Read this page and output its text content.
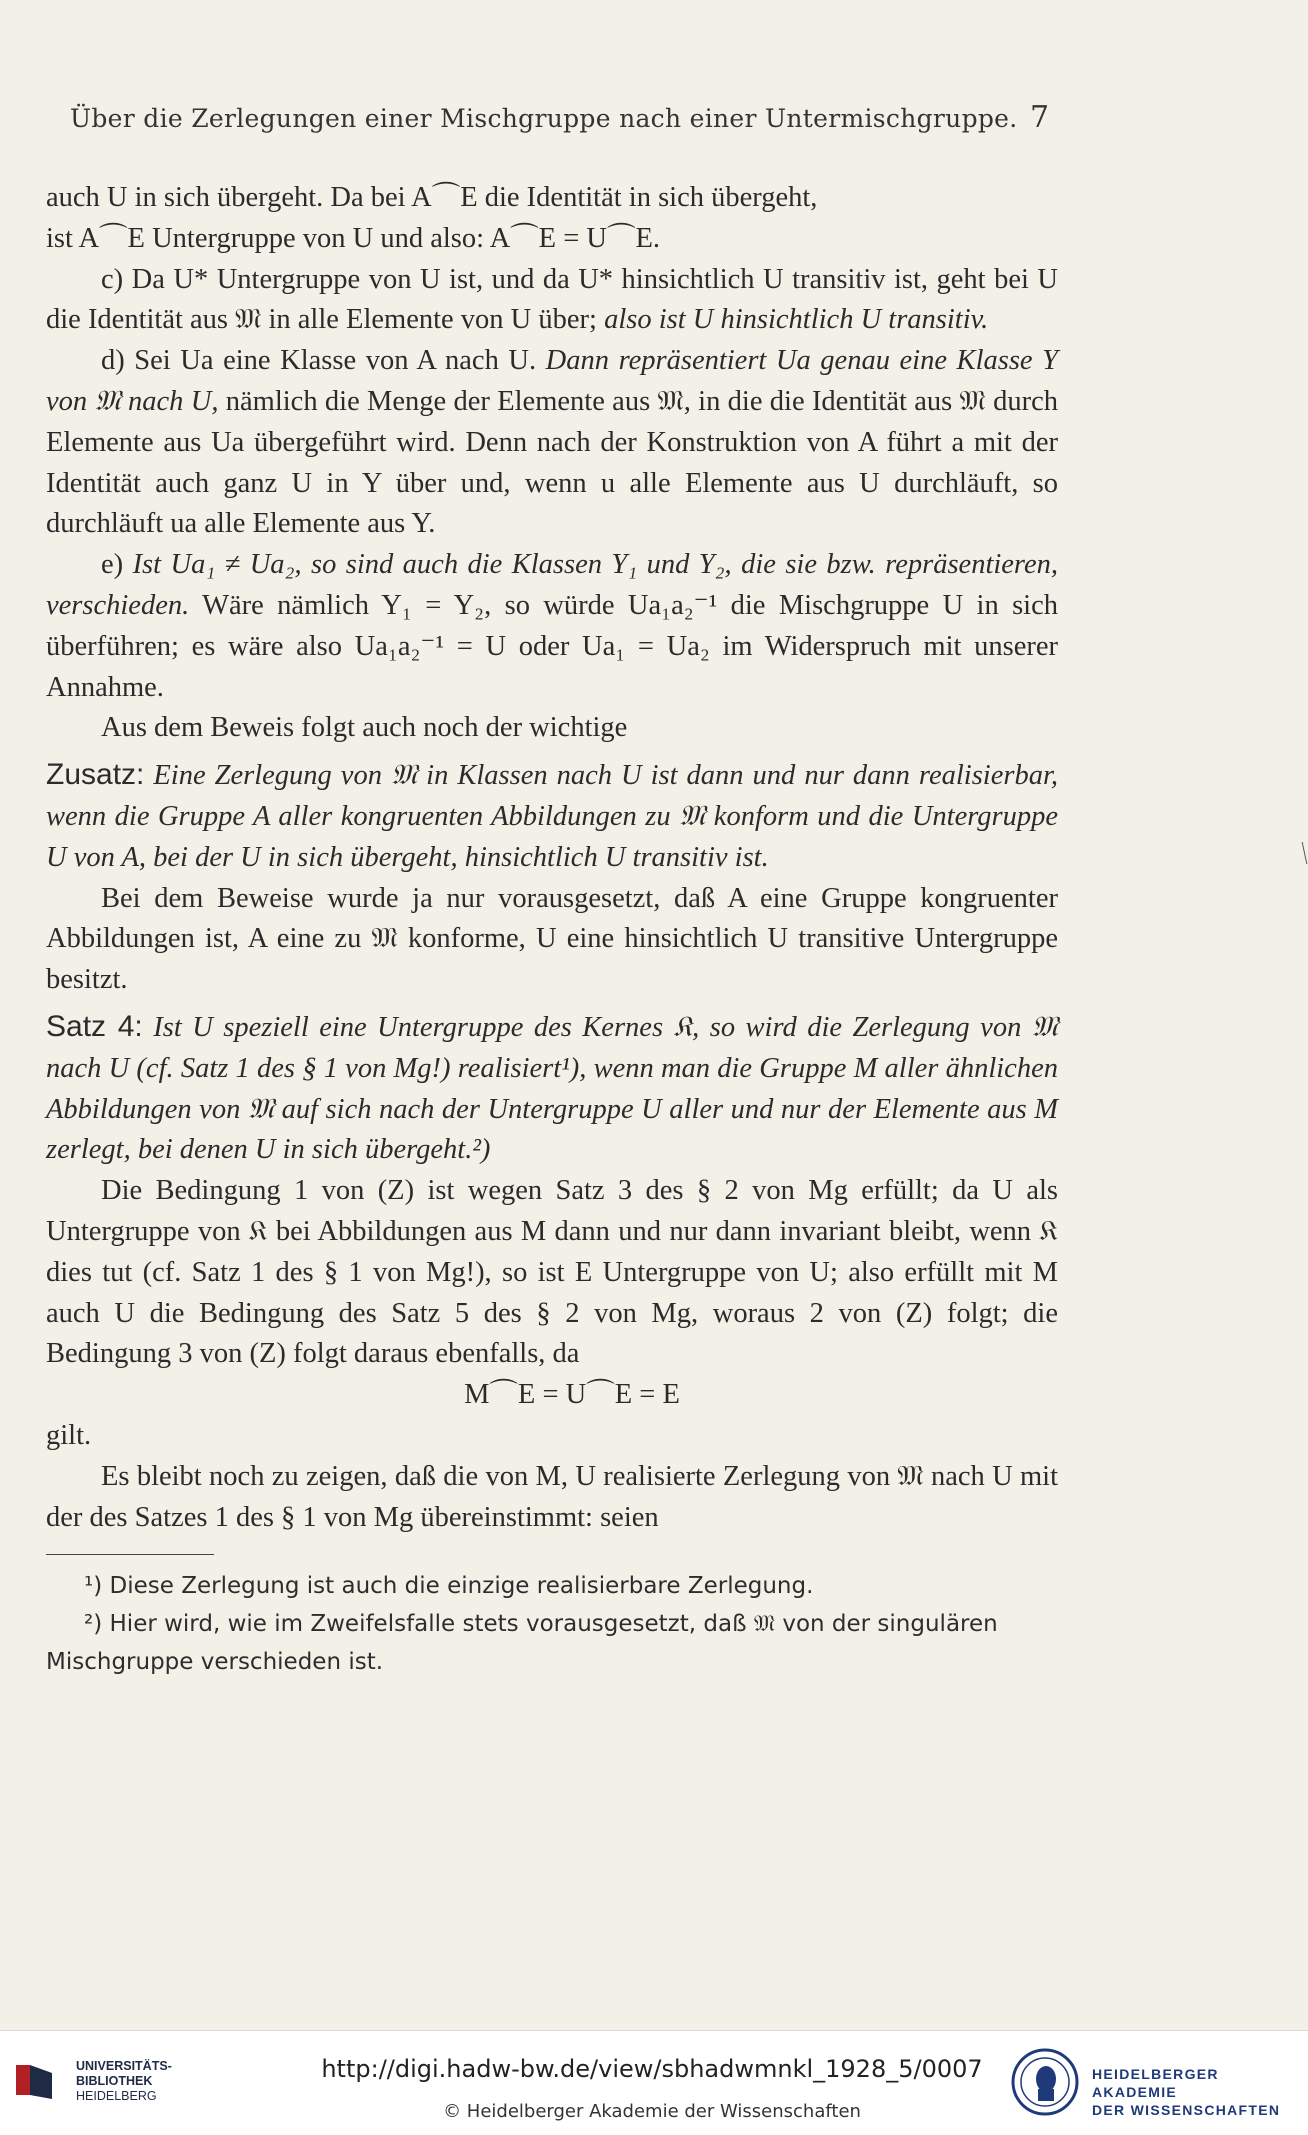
Über die Zerlegungen einer Mischgruppe nach einer Untermischgruppe. 7

auch U in sich übergeht. Da bei A⌒E die Identität in sich übergeht,
ist A⌒E Untergruppe von U und also: A⌒E = U⌒E.

c) Da U* Untergruppe von U ist, und da U* hinsichtlich U transitiv ist, geht bei U die Identität aus 𝔐 in alle Elemente von U über; also ist U hinsichtlich U transitiv.

d) Sei Ua eine Klasse von A nach U. Dann repräsentiert Ua genau eine Klasse Y von 𝔐 nach U, nämlich die Menge der Elemente aus 𝔐, in die die Identität aus 𝔐 durch Elemente aus Ua übergeführt wird. Denn nach der Konstruktion von A führt a mit der Identität auch ganz U in Y über und, wenn u alle Elemente aus U durchläuft, so durchläuft ua alle Elemente aus Y.

e) Ist Ua₁ ≠ Ua₂, so sind auch die Klassen Y₁ und Y₂, die sie bzw. repräsentieren, verschieden. Wäre nämlich Y₁ = Y₂, so würde Ua₁a₂⁻¹ die Mischgruppe U in sich überführen; es wäre also Ua₁a₂⁻¹ = U oder Ua₁ = Ua₂ im Widerspruch mit unserer Annahme.

Aus dem Beweis folgt auch noch der wichtige

Zusatz: Eine Zerlegung von 𝔐 in Klassen nach U ist dann und nur dann realisierbar, wenn die Gruppe A aller kongruenten Abbildungen zu 𝔐 konform und die Untergruppe U von A, bei der U in sich übergeht, hinsichtlich U transitiv ist.

Bei dem Beweise wurde ja nur vorausgesetzt, daß A eine Gruppe kongruenter Abbildungen ist, A eine zu 𝔐 konforme, U eine hinsichtlich U transitive Untergruppe besitzt.

Satz 4: Ist U speziell eine Untergruppe des Kernes 𝔎, so wird die Zerlegung von 𝔐 nach U (cf. Satz 1 des § 1 von Mg!) realisiert¹), wenn man die Gruppe M aller ähnlichen Abbildungen von 𝔐 auf sich nach der Untergruppe U aller und nur der Elemente aus M zerlegt, bei denen U in sich übergeht.²)

Die Bedingung 1 von (Z) ist wegen Satz 3 des § 2 von Mg erfüllt; da U als Untergruppe von 𝔎 bei Abbildungen aus M dann und nur dann invariant bleibt, wenn 𝔎 dies tut (cf. Satz 1 des § 1 von Mg!), so ist E Untergruppe von U; also erfüllt mit M auch U die Bedingung des Satz 5 des § 2 von Mg, woraus 2 von (Z) folgt; die Bedingung 3 von (Z) folgt daraus ebenfalls, da

M⌒E = U⌒E = E

gilt.

Es bleibt noch zu zeigen, daß die von M, U realisierte Zerlegung von 𝔐 nach U mit der des Satzes 1 des § 1 von Mg übereinstimmt: seien

¹) Diese Zerlegung ist auch die einzige realisierbare Zerlegung.

²) Hier wird, wie im Zweifelsfalle stets vorausgesetzt, daß 𝔐 von der singulären Mischgruppe verschieden ist.

UNIVERSITÄTS-
BIBLIOTHEK
HEIDELBERG
http://digi.hadw-bw.de/view/sbhadwmnkl_1928_5/0007
© Heidelberger Akademie der Wissenschaften
HEIDELBERGER AKADEMIE
DER WISSENSCHAFTEN
